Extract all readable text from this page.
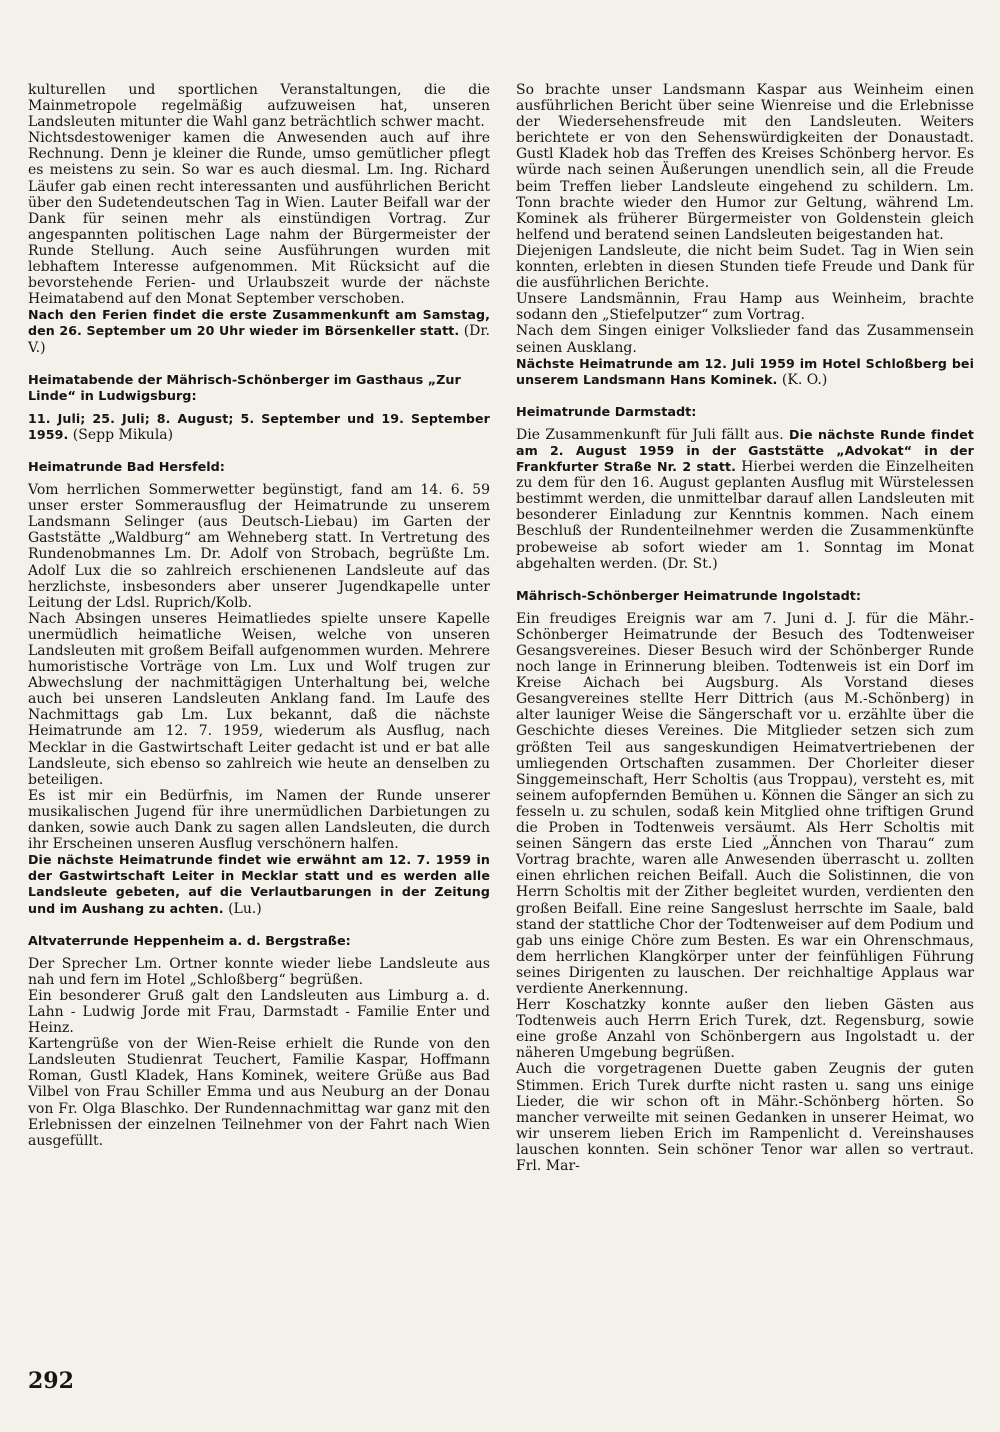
kulturellen und sportlichen Veranstaltungen, die die Mainmetropole regelmäßig aufzuweisen hat, unseren Landsleuten mitunter die Wahl ganz beträchtlich schwer macht.

Nichtsdestoweniger kamen die Anwesenden auch auf ihre Rechnung. Denn je kleiner die Runde, umso gemütlicher pflegt es meistens zu sein. So war es auch diesmal. Lm. Ing. Richard Läufer gab einen recht interessanten und ausführlichen Bericht über den Sudetendeutschen Tag in Wien. Lauter Beifall war der Dank für seinen mehr als einstündigen Vortrag. Zur angespannten politischen Lage nahm der Bürgermeister der Runde Stellung. Auch seine Ausführungen wurden mit lebhaftem Interesse aufgenommen. Mit Rücksicht auf die bevorstehende Ferien- und Urlaubszeit wurde der nächste Heimatabend auf den Monat September verschoben.

Nach den Ferien findet die erste Zusammenkunft am Samstag, den 26. September um 20 Uhr wieder im Börsenkeller statt. (Dr. V.)

Heimatabende der Mährisch-Schönberger im Gasthaus „Zur Linde“ in Ludwigsburg:

11. Juli; 25. Juli; 8. August; 5. September und 19. September 1959. (Sepp Mikula)

Heimatrunde Bad Hersfeld:

Vom herrlichen Sommerwetter begünstigt, fand am 14. 6. 59 unser erster Sommerausflug der Heimatrunde zu unserem Landsmann Selinger (aus Deutsch-Liebau) im Garten der Gaststätte „Waldburg“ am Wehneberg statt. In Vertretung des Rundenobmannes Lm. Dr. Adolf von Strobach, begrüßte Lm. Adolf Lux die so zahlreich erschienenen Landsleute auf das herzlichste, insbesonders aber unserer Jugendkapelle unter Leitung der Ldsl. Ruprich/Kolb.

Nach Absingen unseres Heimatliedes spielte unsere Kapelle unermüdlich heimatliche Weisen, welche von unseren Landsleuten mit großem Beifall aufgenommen wurden. Mehrere humoristische Vorträge von Lm. Lux und Wolf trugen zur Abwechslung der nachmittägigen Unterhaltung bei, welche auch bei unseren Landsleuten Anklang fand. Im Laufe des Nachmittags gab Lm. Lux bekannt, daß die nächste Heimatrunde am 12. 7. 1959, wiederum als Ausflug, nach Mecklar in die Gastwirtschaft Leiter gedacht ist und er bat alle Landsleute, sich ebenso so zahlreich wie heute an denselben zu beteiligen.

Es ist mir ein Bedürfnis, im Namen der Runde unserer musikalischen Jugend für ihre unermüdlichen Darbietungen zu danken, sowie auch Dank zu sagen allen Landsleuten, die durch ihr Erscheinen unseren Ausflug verschönern halfen.

Die nächste Heimatrunde findet wie erwähnt am 12. 7. 1959 in der Gastwirtschaft Leiter in Mecklar statt und es werden alle Landsleute gebeten, auf die Verlautbarungen in der Zeitung und im Aushang zu achten. (Lu.)

Altvaterrunde Heppenheim a. d. Bergstraße:

Der Sprecher Lm. Ortner konnte wieder liebe Landsleute aus nah und fern im Hotel „Schloßberg“ begrüßen.

Ein besonderer Gruß galt den Landsleuten aus Limburg a. d. Lahn - Ludwig Jorde mit Frau, Darmstadt - Familie Enter und Heinz.

Kartengrüße von der Wien-Reise erhielt die Runde von den Landsleuten Studienrat Teuchert, Familie Kaspar, Hoffmann Roman, Gustl Kladek, Hans Kominek, weitere Grüße aus Bad Vilbel von Frau Schiller Emma und aus Neuburg an der Donau von Fr. Olga Blaschko. Der Rundennachmittag war ganz mit den Erlebnissen der einzelnen Teilnehmer von der Fahrt nach Wien ausgefüllt.

So brachte unser Landsmann Kaspar aus Weinheim einen ausführlichen Bericht über seine Wienreise und die Erlebnisse der Wiedersehensfreude mit den Landsleuten. Weiters berichtete er von den Sehenswürdigkeiten der Donaustadt. Gustl Kladek hob das Treffen des Kreises Schönberg hervor. Es würde nach seinen Äußerungen unendlich sein, all die Freude beim Treffen lieber Landsleute eingehend zu schildern. Lm. Tonn brachte wieder den Humor zur Geltung, während Lm. Kominek als früherer Bürgermeister von Goldenstein gleich helfend und beratend seinen Landsleuten beigestanden hat.

Diejenigen Landsleute, die nicht beim Sudet. Tag in Wien sein konnten, erlebten in diesen Stunden tiefe Freude und Dank für die ausführlichen Berichte.

Unsere Landsmännin, Frau Hamp aus Weinheim, brachte sodann den „Stiefelputzer“ zum Vortrag.

Nach dem Singen einiger Volkslieder fand das Zusammensein seinen Ausklang.

Nächste Heimatrunde am 12. Juli 1959 im Hotel Schloßberg bei unserem Landsmann Hans Kominek. (K. O.)

Heimatrunde Darmstadt:

Die Zusammenkunft für Juli fällt aus. Die nächste Runde findet am 2. August 1959 in der Gaststätte „Advokat“ in der Frankfurter Straße Nr. 2 statt. Hierbei werden die Einzelheiten zu dem für den 16. August geplanten Ausflug mit Würstelessen bestimmt werden, die unmittelbar darauf allen Landsleuten mit besonderer Einladung zur Kenntnis kommen. Nach einem Beschluß der Rundenteilnehmer werden die Zusammenkünfte probeweise ab sofort wieder am 1. Sonntag im Monat abgehalten werden. (Dr. St.)

Mährisch-Schönberger Heimatrunde Ingolstadt:

Ein freudiges Ereignis war am 7. Juni d. J. für die Mähr.-Schönberger Heimatrunde der Besuch des Todtenweiser Gesangsvereines. Dieser Besuch wird der Schönberger Runde noch lange in Erinnerung bleiben. Todtenweis ist ein Dorf im Kreise Aichach bei Augsburg. Als Vorstand dieses Gesangvereines stellte Herr Dittrich (aus M.-Schönberg) in alter launiger Weise die Sängerschaft vor u. erzählte über die Geschichte dieses Vereines. Die Mitglieder setzen sich zum größten Teil aus sangeskundigen Heimatvertriebenen der umliegenden Ortschaften zusammen. Der Chorleiter dieser Singgemeinschaft, Herr Scholtis (aus Troppau), versteht es, mit seinem aufopfernden Bemühen u. Können die Sänger an sich zu fesseln u. zu schulen, sodaß kein Mitglied ohne triftigen Grund die Proben in Todtenweis versäumt. Als Herr Scholtis mit seinen Sängern das erste Lied „Ännchen von Tharau“ zum Vortrag brachte, waren alle Anwesenden überrascht u. zollten einen ehrlichen reichen Beifall. Auch die Solistinnen, die von Herrn Scholtis mit der Zither begleitet wurden, verdienten den großen Beifall. Eine reine Sangeslust herrschte im Saale, bald stand der stattliche Chor der Todtenweiser auf dem Podium und gab uns einige Chöre zum Besten. Es war ein Ohrenschmaus, dem herrlichen Klangkörper unter der feinfühligen Führung seines Dirigenten zu lauschen. Der reichhaltige Applaus war verdiente Anerkennung.

Herr Koschatzky konnte außer den lieben Gästen aus Todtenweis auch Herrn Erich Turek, dzt. Regensburg, sowie eine große Anzahl von Schönbergern aus Ingolstadt u. der näheren Umgebung begrüßen.

Auch die vorgetragenen Duette gaben Zeugnis der guten Stimmen. Erich Turek durfte nicht rasten u. sang uns einige Lieder, die wir schon oft in Mähr.-Schönberg hörten. So mancher verweilte mit seinen Gedanken in unserer Heimat, wo wir unserem lieben Erich im Rampenlicht d. Vereinshauses lauschen konnten. Sein schöner Tenor war allen so vertraut. Frl. Mar-

292
